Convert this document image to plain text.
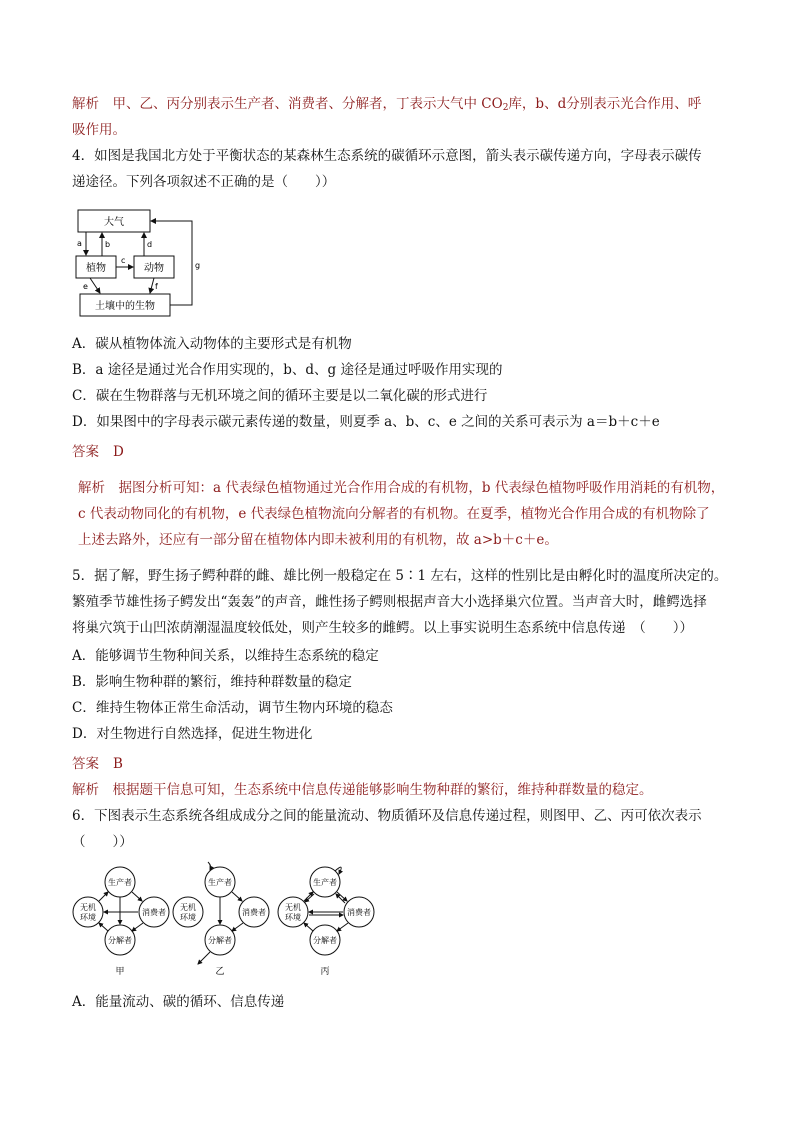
解析　 甲、乙、丙分别表示生产者、消费者、分解者，丁表示大气中 $CO_2$库，b、d分别表示光合作用、呼
吸作用。
4．如图是我国北方处于平衡状态的某森林生态系统的碳循环示意图，箭头表示碳传递方向，字母表示碳传
递途径。下列各项叙述不正确的是（　　））
大气
植物	动物
土壤中的生物
a	b	d
c
e	f
g
A．碳从植物体流入动物体的主要形式是有机物
B．a 途径是通过光合作用实现的，b、d、g 途径是通过呼吸作用实现的
C．碳在生物群落与无机环境之间的循环主要是以二氧化碳的形式进行
D．如果图中的字母表示碳元素传递的数量，则夏季 a、b、c、e 之间的关系可表示为 a＝b＋c＋e
答案 D
解析　据图分析可知：a 代表绿色植物通过光合作用合成的有机物，b 代表绿色植物呼吸作用消耗的有机物，
c 代表动物同化的有机物，e 代表绿色植物流向分解者的有机物。在夏季，植物光合作用合成的有机物除了
上述去路外，还应有一部分留在植物体内即未被利用的有机物，故 a>b＋c＋e。
5．据了解，野生扬子鳄种群的雌、雄比例一般稳定在 5∶1 左右，这样的性别比是由孵化时的温度所决定的。
繁殖季节雄性扬子鳄发出“轰轰”的声音，雌性扬子鳄则根据声音大小选择巢穴位置。当声音大时，雌鳄选择
将巢穴筑于山凹浓荫潮湿温度较低处，则产生较多的雌鳄。以上事实说明生态系统中信息传递　（　　））
A．能够调节生物种间关系，以维持生态系统的稳定
B．影响生物种群的繁衍，维持种群数量的稳定
C．维持生物体正常生命活动，调节生物内环境的稳态
D．对生物进行自然选择，促进生物进化
答案 B
解析　根据题干信息可知，生态系统中信息传递能够影响生物种群的繁衍，维持种群数量的稳定。
6．下图表示生态系统各组成成分之间的能量流动、物质循环及信息传递过程，则图甲、乙、丙可依次表示
（　　））
生产者
无机
环境
消费者
分解者
甲
生产者
无机
环境
消费者
分解者
乙
生产者
无机
环境
消费者
分解者
丙
A．能量流动、碳的循环、信息传递
